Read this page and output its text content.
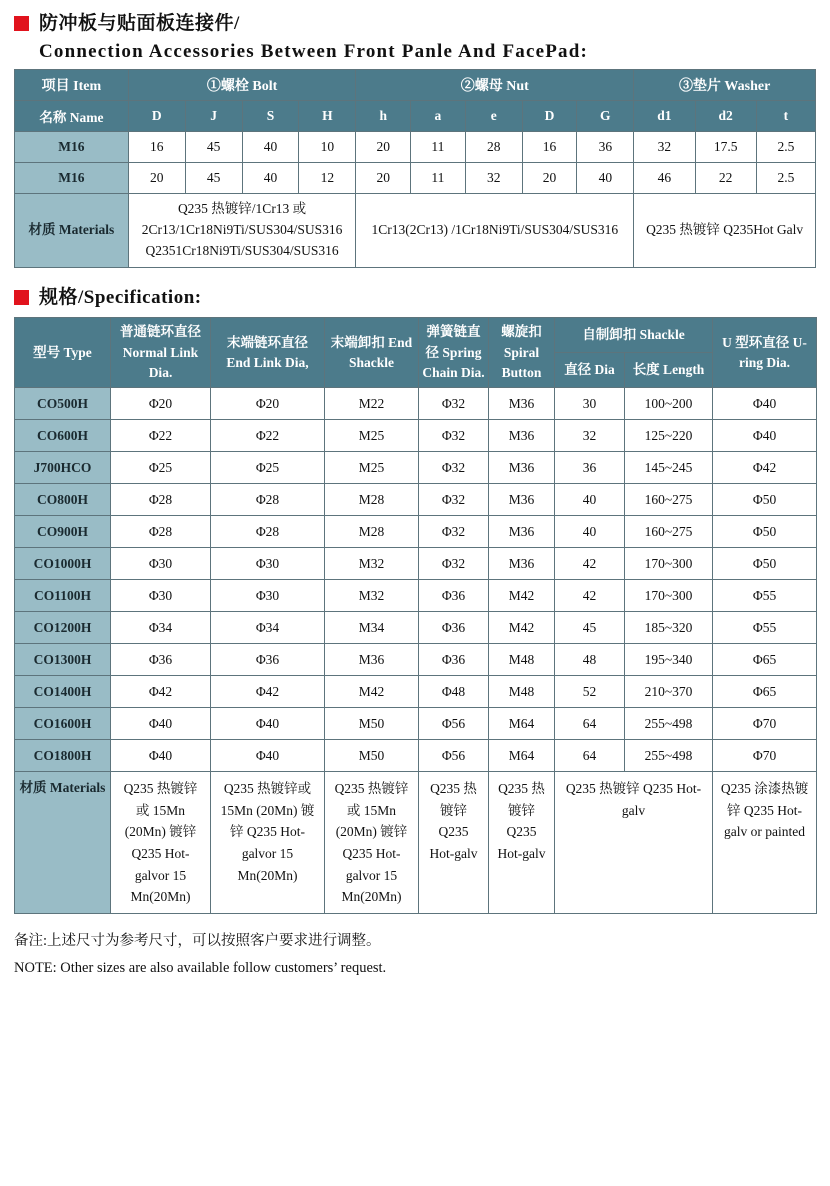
防冲板与贴面板连接件/
Connection Accessories Between Front Panle And FacePad:
项目 Item	①螺栓 Bolt				②螺母 Nut					③垫片 Washer		
名称 Name	D	J	S	H	h	a	e	D	G	d1	d2	t
M16	16	45	40	10	20	11	28	16	36	32	17.5	2.5
M16	20	45	40	12	20	11	32	20	40	46	22	2.5
材质 Materials	Q235 热镀锌/1Cr13 或 2Cr13/1Cr18Ni9Ti/SUS304/SUS316 Q2351Cr18Ni9Ti/SUS304/SUS316				1Cr13(2Cr13) /1Cr18Ni9Ti/SUS304/SUS316					Q235 热镀锌 Q235Hot Galv		
规格/Specification:
型号 Type	普通链环直径 Normal Link Dia.	末端链环直径 End Link Dia,	末端卸扣 End Shackle	弹簧链直径 Spring Chain Dia.	螺旋扣 Spiral Button	自制卸扣 Shackle		U 型环直径 U-ring Dia.
						直径 Dia	长度 Length	
CO500H	Φ20	Φ20	M22	Φ32	M36	30	100~200	Φ40
CO600H	Φ22	Φ22	M25	Φ32	M36	32	125~220	Φ40
J700HCO	Φ25	Φ25	M25	Φ32	M36	36	145~245	Φ42
CO800H	Φ28	Φ28	M28	Φ32	M36	40	160~275	Φ50
CO900H	Φ28	Φ28	M28	Φ32	M36	40	160~275	Φ50
CO1000H	Φ30	Φ30	M32	Φ32	M36	42	170~300	Φ50
CO1100H	Φ30	Φ30	M32	Φ36	M42	42	170~300	Φ55
CO1200H	Φ34	Φ34	M34	Φ36	M42	45	185~320	Φ55
CO1300H	Φ36	Φ36	M36	Φ36	M48	48	195~340	Φ65
CO1400H	Φ42	Φ42	M42	Φ48	M48	52	210~370	Φ65
CO1600H	Φ40	Φ40	M50	Φ56	M64	64	255~498	Φ70
CO1800H	Φ40	Φ40	M50	Φ56	M64	64	255~498	Φ70
材质 Materials	Q235 热镀锌或 15Mn (20Mn) 镀锌 Q235 Hot-galvor 15 Mn(20Mn)	Q235 热镀锌或 15Mn (20Mn) 镀锌 Q235 Hot-galvor 15 Mn(20Mn)	Q235 热镀锌或 15Mn (20Mn) 镀锌 Q235 Hot-galvor 15 Mn(20Mn)	Q235 热镀锌 Q235 Hot-galv	Q235 热镀锌 Q235 Hot-galv	Q235 热镀锌 Q235 Hot-galv		Q235 涂漆热镀锌 Q235 Hot-galv or painted
备注:上述尺寸为参考尺寸，可以按照客户要求进行调整。
NOTE: Other sizes are also available follow customers’ request.
